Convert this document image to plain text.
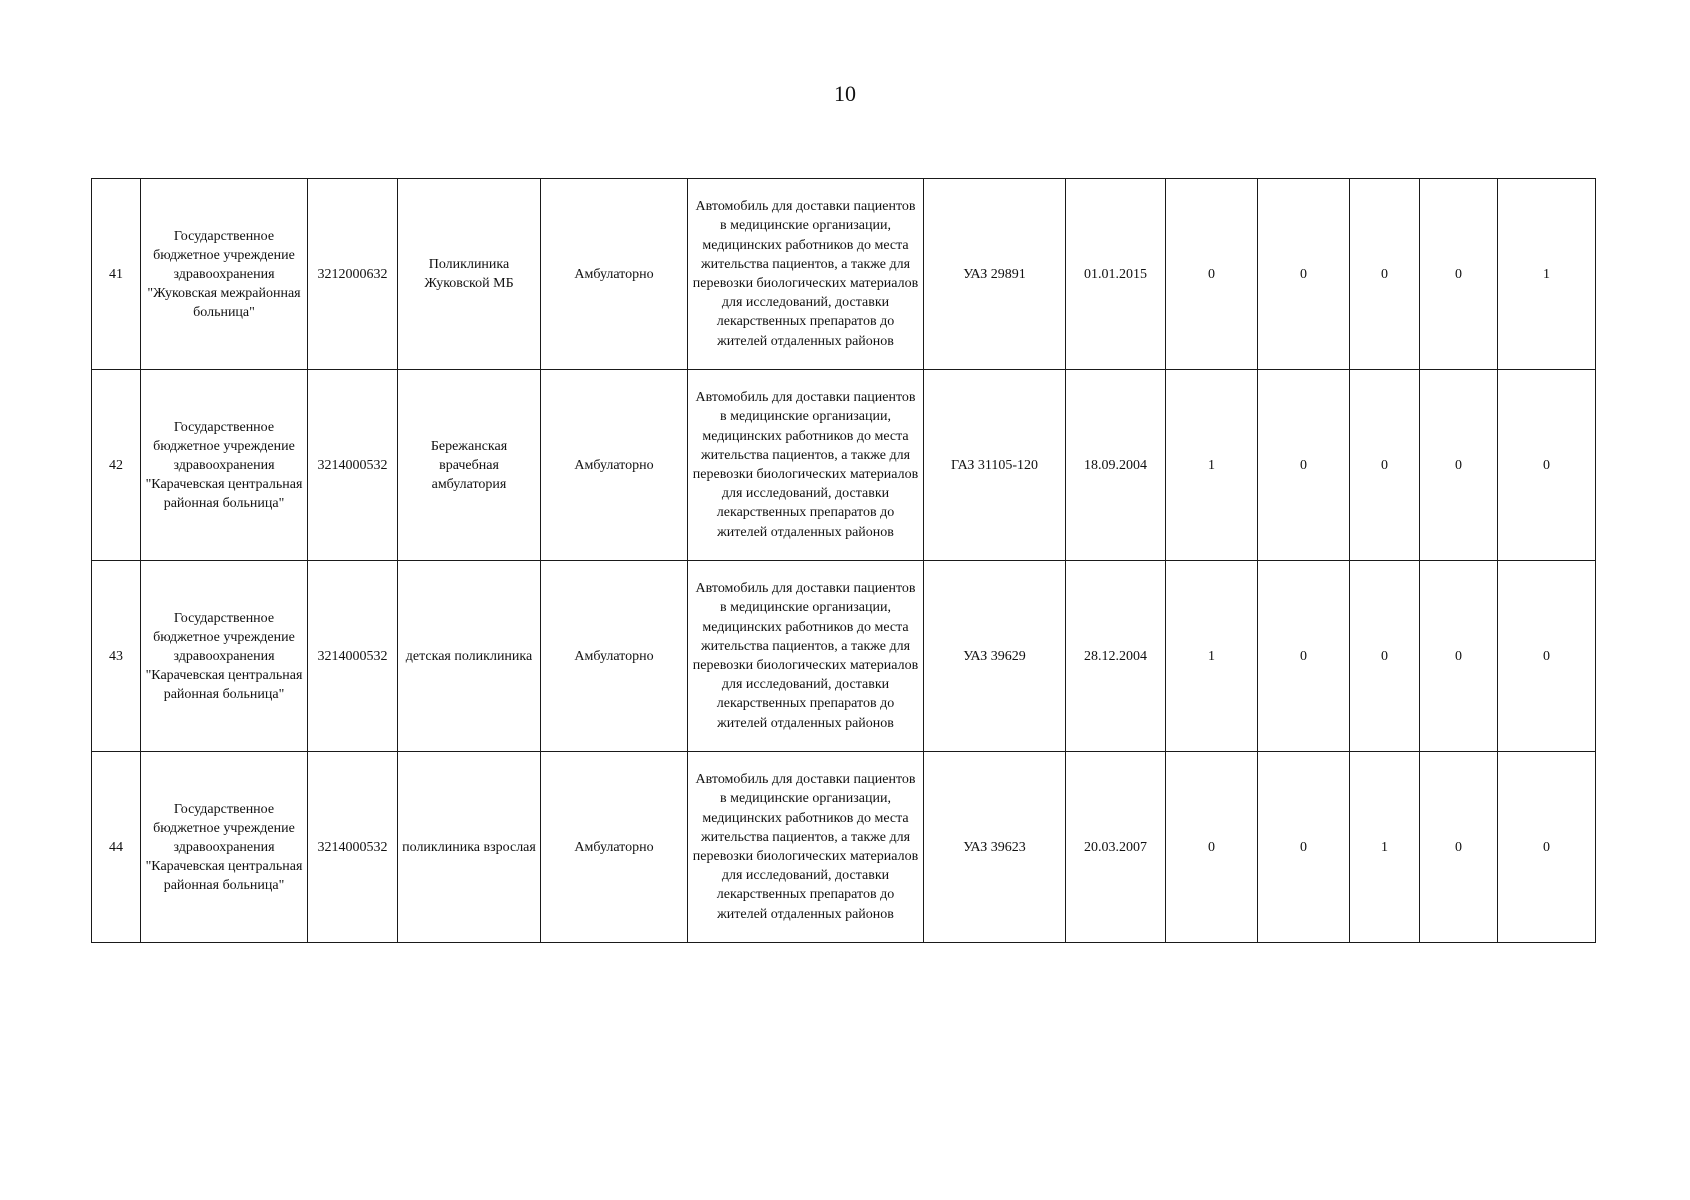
10
41	Государственное бюджетное учреждение здравоохранения "Жуковская межрайонная больница"	3212000632	Поликлиника Жуковской МБ	Амбулаторно	Автомобиль для доставки пациентов в медицинские организации, медицинских работников до места жительства пациентов, а также для перевозки биологических материалов для исследований, доставки лекарственных препаратов до жителей отдаленных районов	УАЗ 29891	01.01.2015	0	0	0	0	1
42	Государственное бюджетное учреждение здравоохранения "Карачевская центральная районная больница"	3214000532	Бережанская врачебная амбулатория	Амбулаторно	Автомобиль для доставки пациентов в медицинские организации, медицинских работников до места жительства пациентов, а также для перевозки биологических материалов для исследований, доставки лекарственных препаратов до жителей отдаленных районов	ГАЗ 31105-120	18.09.2004	1	0	0	0	0
43	Государственное бюджетное учреждение здравоохранения "Карачевская центральная районная больница"	3214000532	детская поликлиника	Амбулаторно	Автомобиль для доставки пациентов в медицинские организации, медицинских работников до места жительства пациентов, а также для перевозки биологических материалов для исследований, доставки лекарственных препаратов до жителей отдаленных районов	УАЗ 39629	28.12.2004	1	0	0	0	0
44	Государственное бюджетное учреждение здравоохранения "Карачевская центральная районная больница"	3214000532	поликлиника взрослая	Амбулаторно	Автомобиль для доставки пациентов в медицинские организации, медицинских работников до места жительства пациентов, а также для перевозки биологических материалов для исследований, доставки лекарственных препаратов до жителей отдаленных районов	УАЗ 39623	20.03.2007	0	0	1	0	0
